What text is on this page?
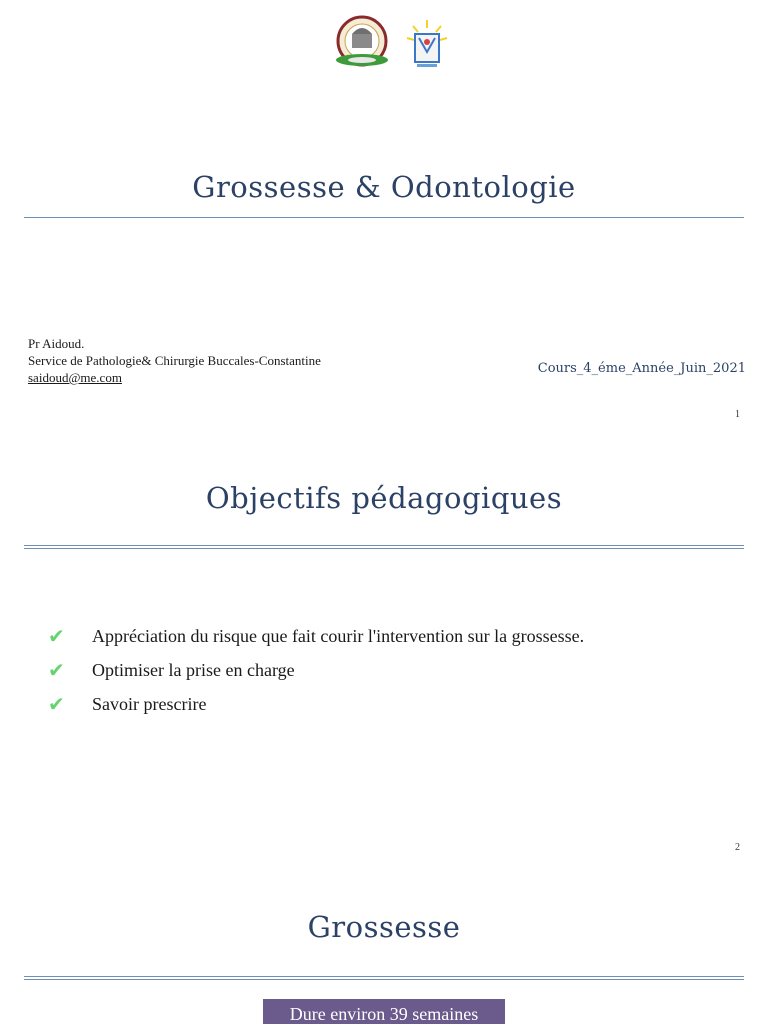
Grossesse & Odontologie
Pr Aidoud.
Service de Pathologie& Chirurgie Buccales-Constantine
saidoud@me.com
Cours_4_éme_Année_Juin_2021
1
Objectifs pédagogiques
✔	Appréciation du risque que fait courir l'intervention sur la grossesse.
✔	Optimiser la prise en charge
✔	Savoir prescrire
2
Grossesse
Dure environ 39 semaines
